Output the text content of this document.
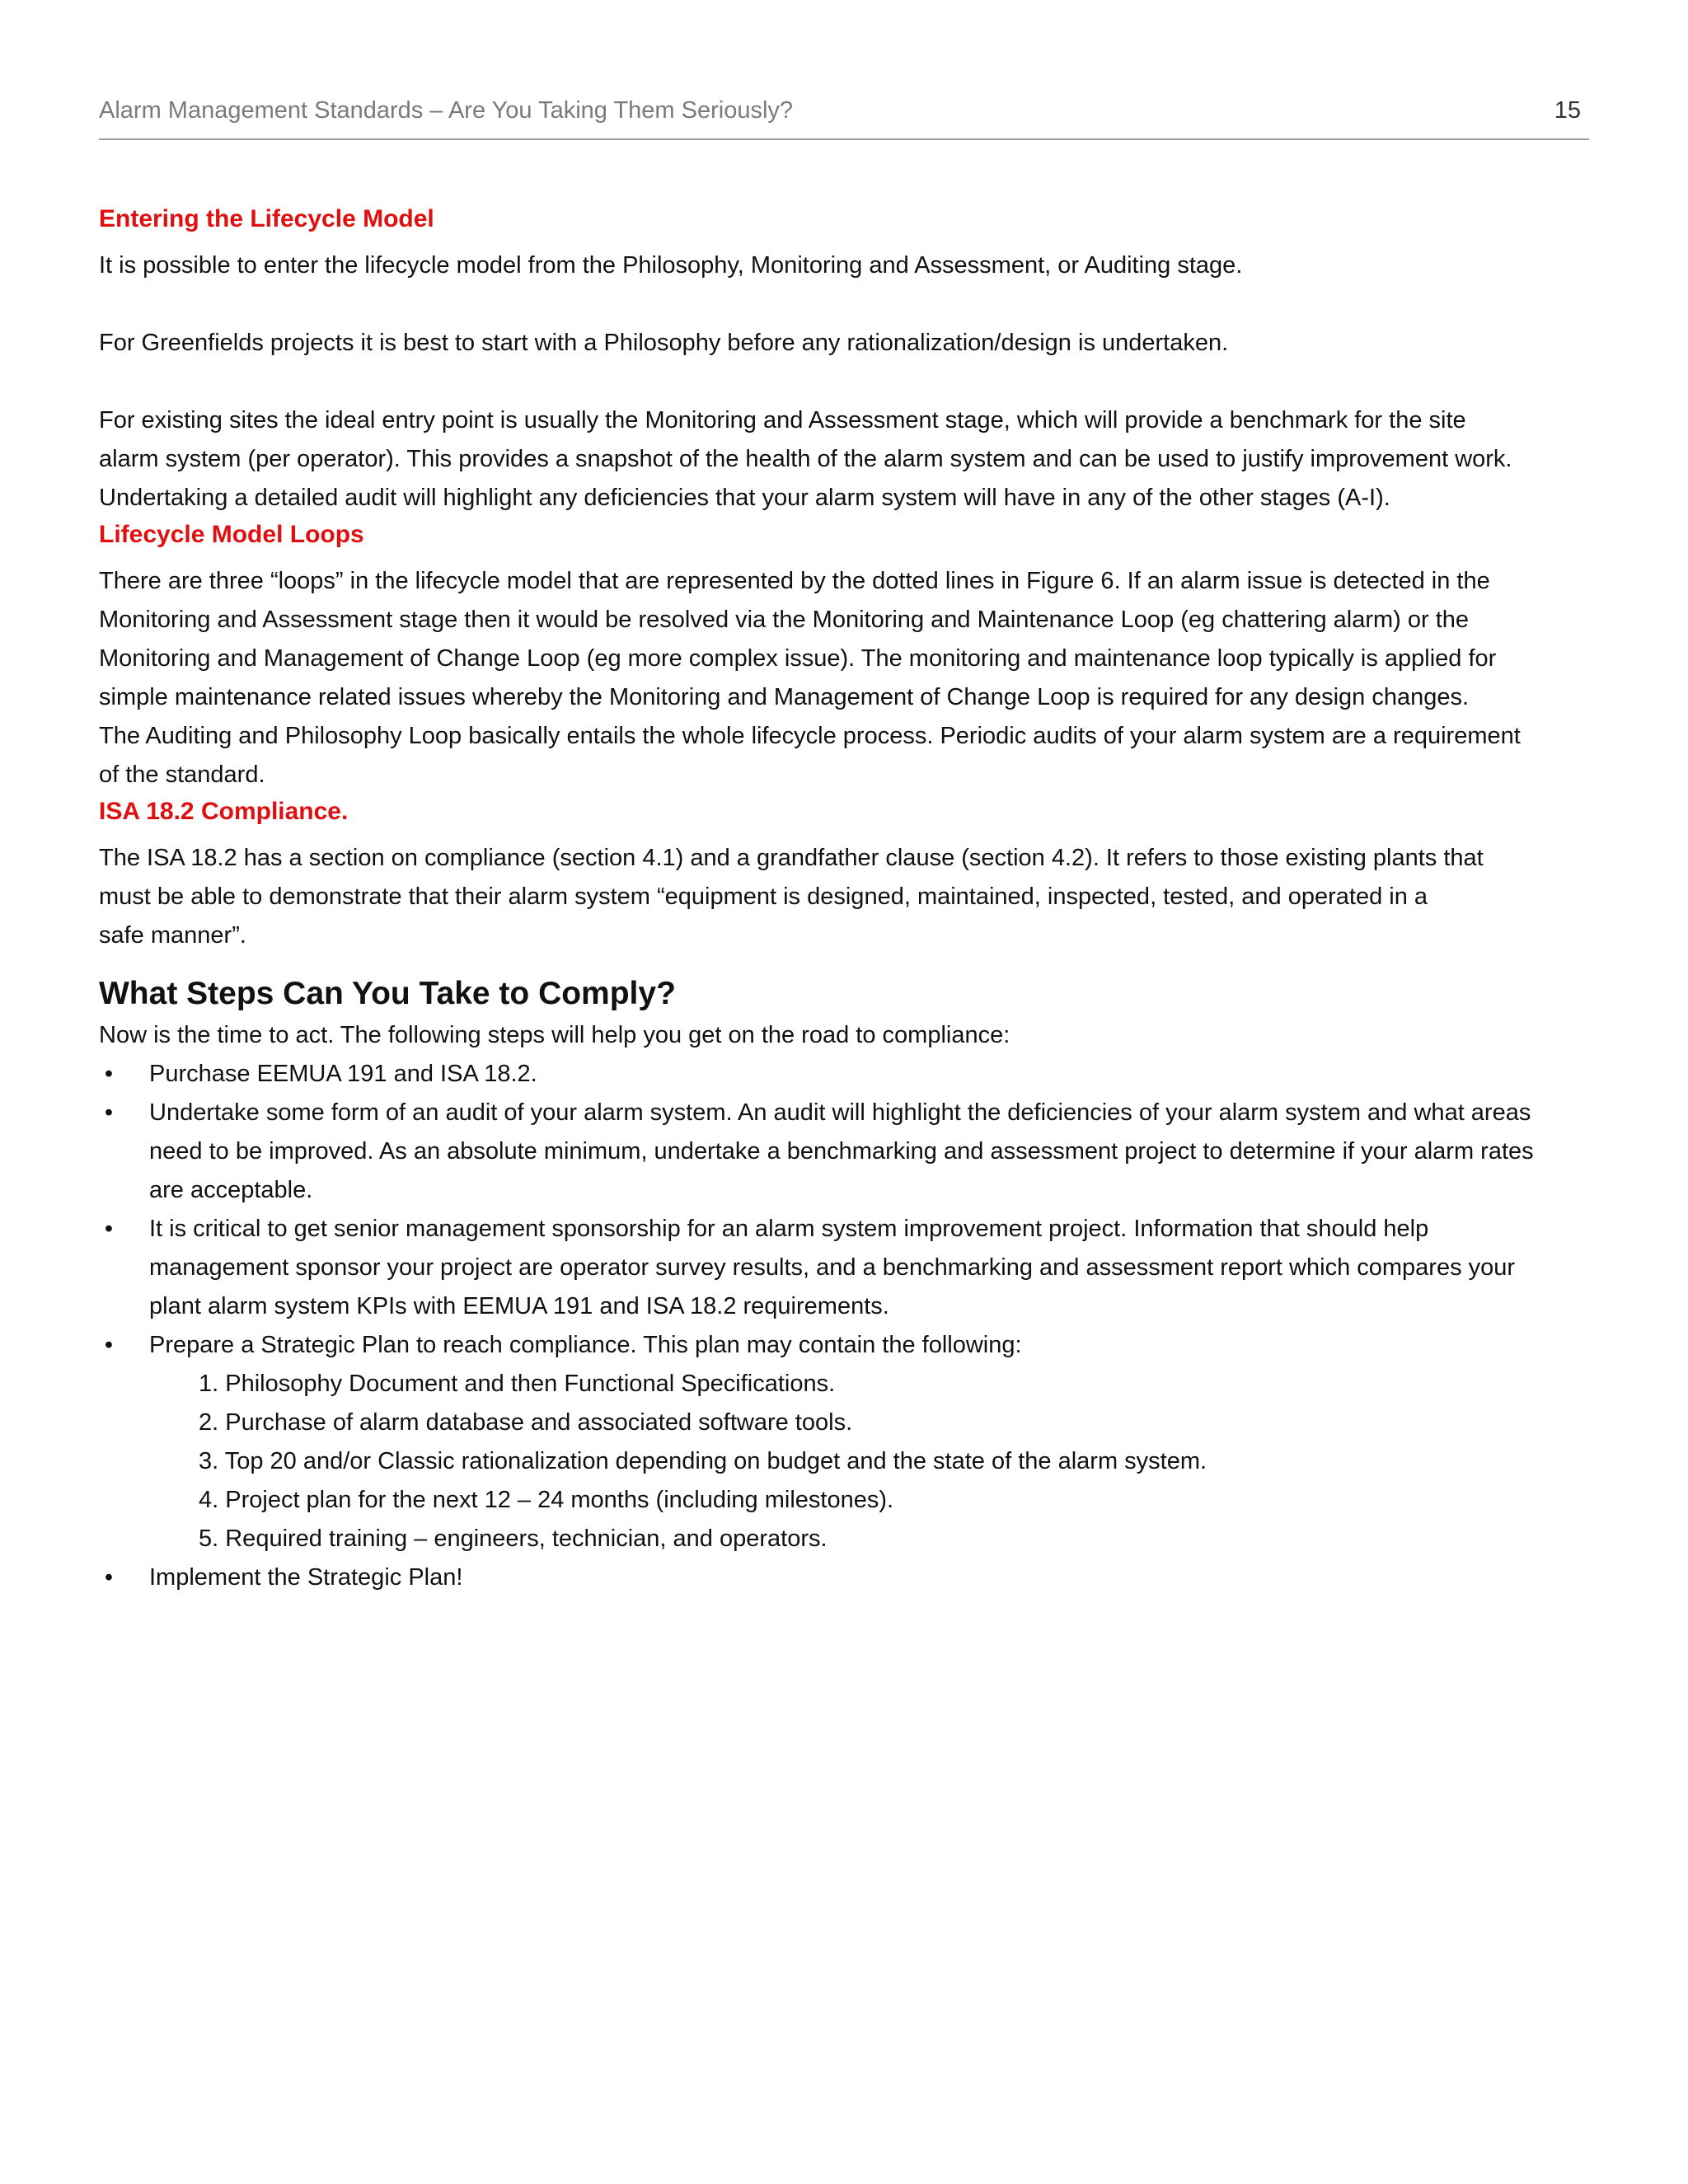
Alarm Management Standards – Are You Taking Them Seriously?	15
Entering the Lifecycle Model

It is possible to enter the lifecycle model from the Philosophy, Monitoring and Assessment, or Auditing stage.

For Greenfields projects it is best to start with a Philosophy before any rationalization/design is undertaken.

For existing sites the ideal entry point is usually the Monitoring and Assessment stage, which will provide a benchmark for the site

alarm system (per operator). This provides a snapshot of the health of the alarm system and can be used to justify improvement work.

Undertaking a detailed audit will highlight any deficiencies that your alarm system will have in any of the other stages (A-I).

Lifecycle Model Loops

There are three “loops” in the lifecycle model that are represented by the dotted lines in Figure 6. If an alarm issue is detected in the

Monitoring and Assessment stage then it would be resolved via the Monitoring and Maintenance Loop (eg chattering alarm) or the

Monitoring and Management of Change Loop (eg more complex issue). The monitoring and maintenance loop typically is applied for

simple maintenance related issues whereby the Monitoring and Management of Change Loop is required for any design changes.

The Auditing and Philosophy Loop basically entails the whole lifecycle process. Periodic audits of your alarm system are a requirement

of the standard.

ISA 18.2 Compliance.

The ISA 18.2 has a section on compliance (section 4.1) and a grandfather clause (section 4.2). It refers to those existing plants that

must be able to demonstrate that their alarm system “equipment is designed, maintained, inspected, tested, and operated in a

safe manner”.

What Steps Can You Take to Comply?

Now is the time to act. The following steps will help you get on the road to compliance:

• Purchase EEMUA 191 and ISA 18.2.
• Undertake some form of an audit of your alarm system. An audit will highlight the deficiencies of your alarm system and what areas
need to be improved. As an absolute minimum, undertake a benchmarking and assessment project to determine if your alarm rates
are acceptable.
• It is critical to get senior management sponsorship for an alarm system improvement project. Information that should help
management sponsor your project are operator survey results, and a benchmarking and assessment report which compares your
plant alarm system KPIs with EEMUA 191 and ISA 18.2 requirements.
• Prepare a Strategic Plan to reach compliance. This plan may contain the following:
1. Philosophy Document and then Functional Specifications.
2. Purchase of alarm database and associated software tools.
3. Top 20 and/or Classic rationalization depending on budget and the state of the alarm system.
4. Project plan for the next 12 – 24 months (including milestones).
5. Required training – engineers, technician, and operators.
• Implement the Strategic Plan!
